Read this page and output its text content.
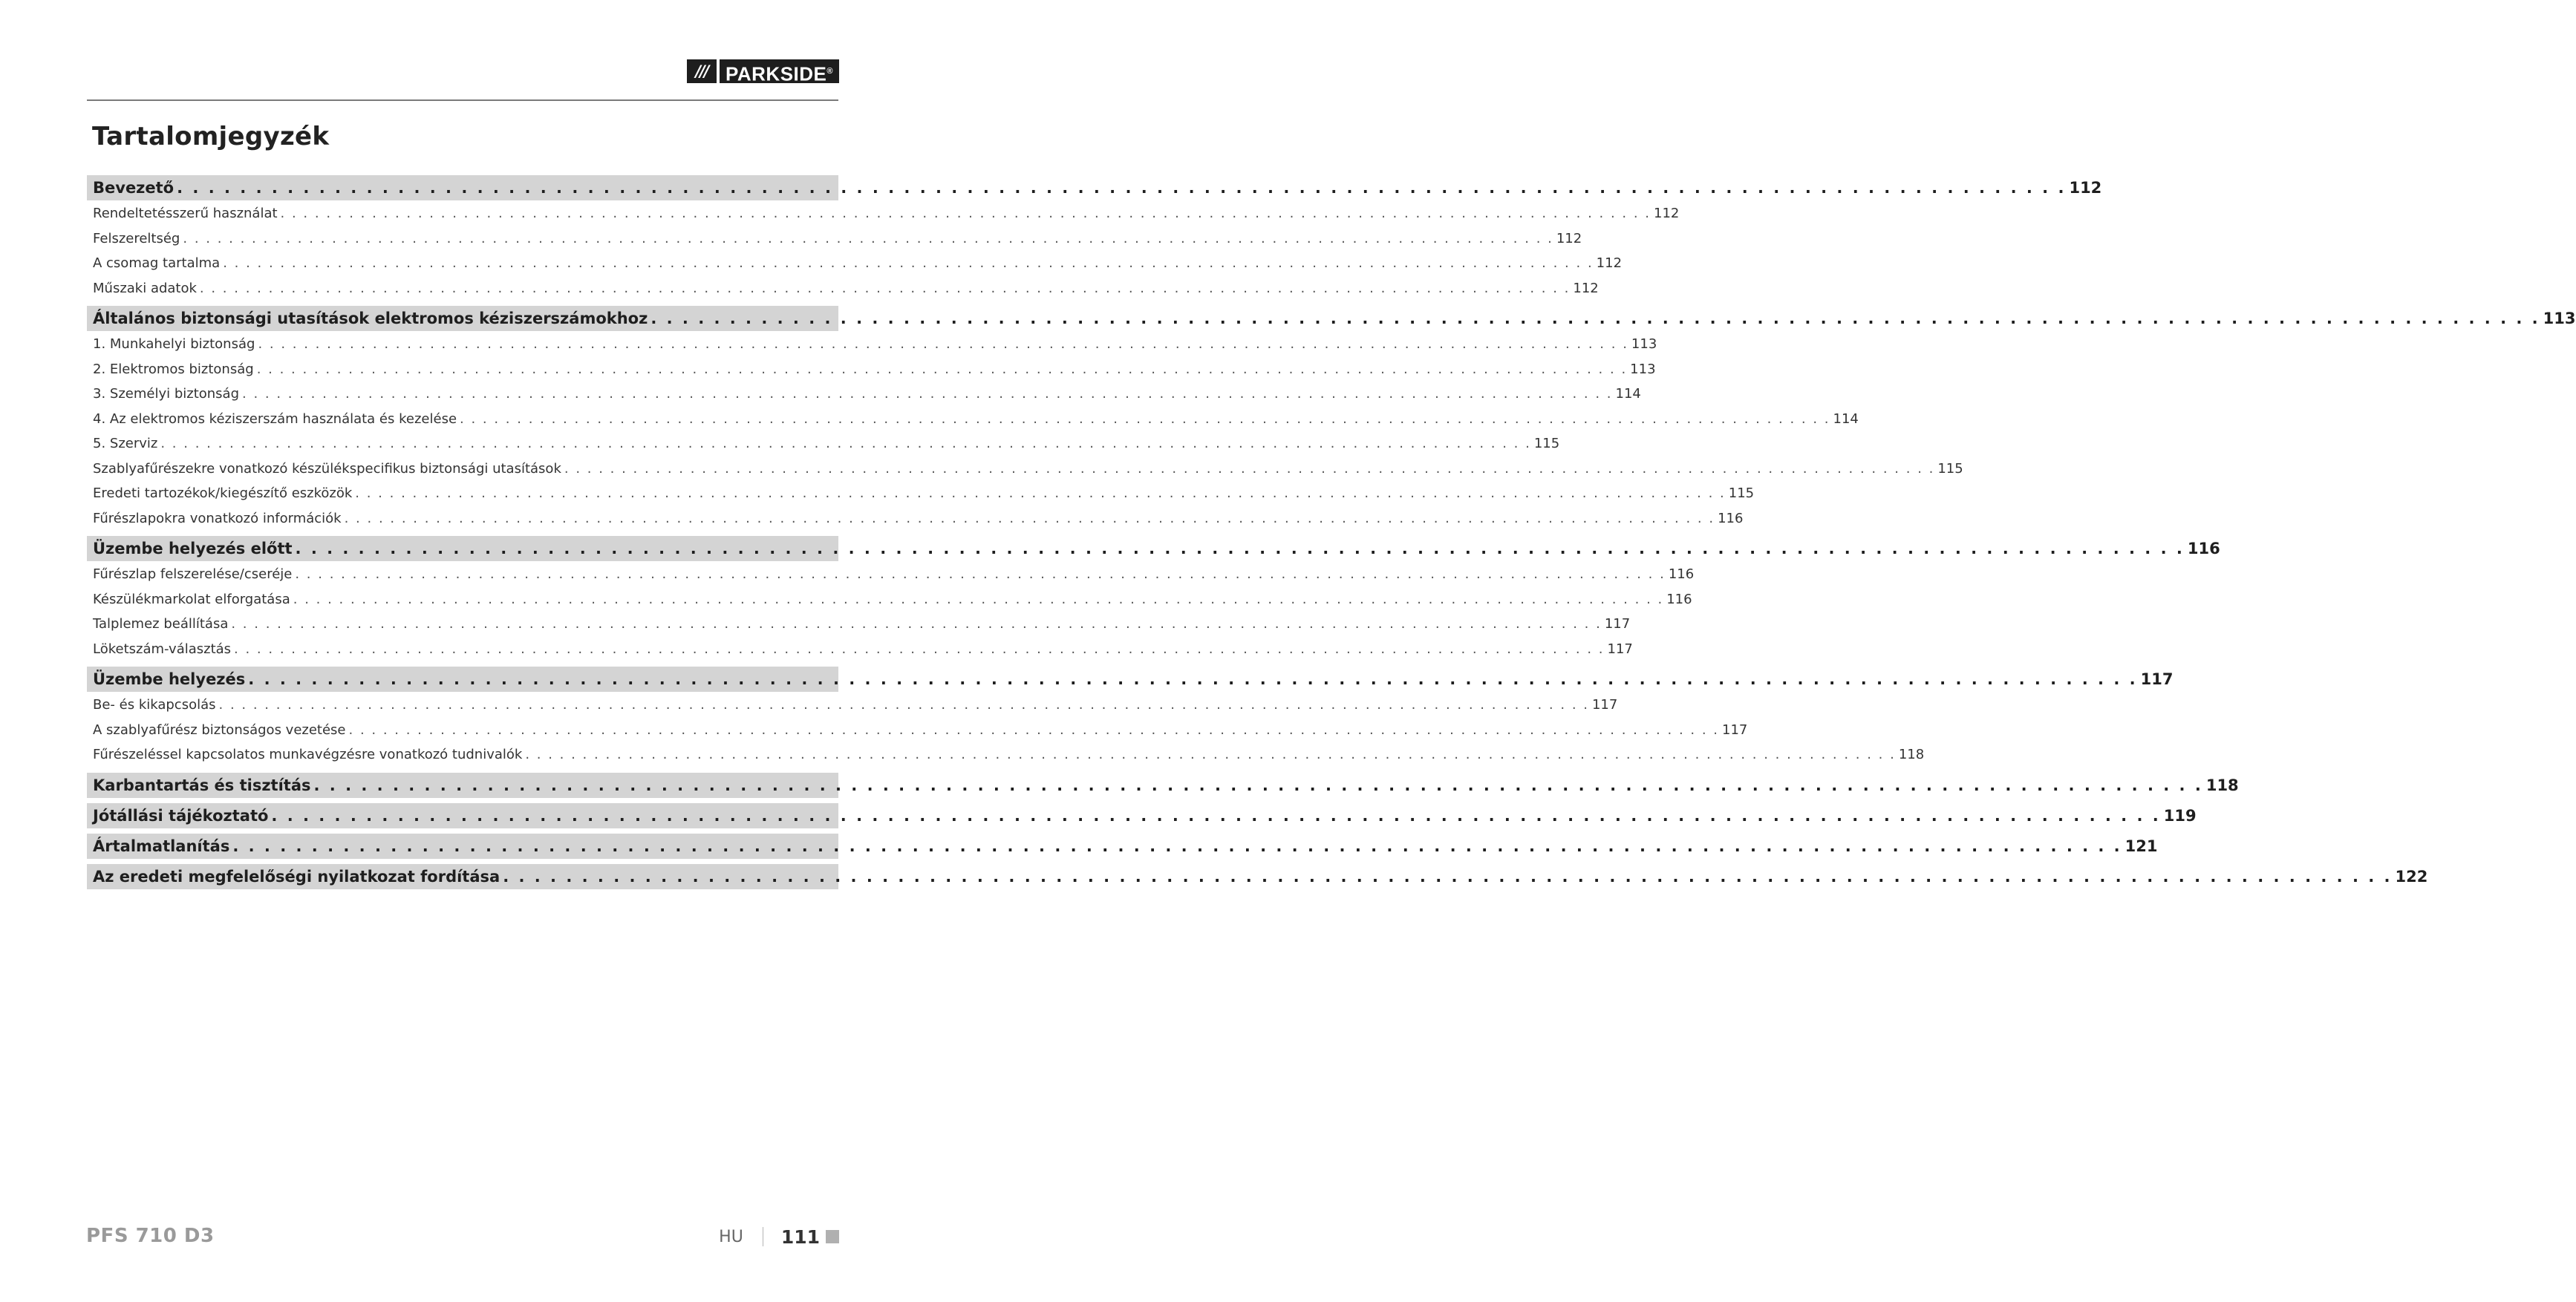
/// PARKSIDE®
Tartalomjegyzék
Bevezető . . . . . . . . . . . . . . . . . . . . . . . . . . . . . . . . . . . . . . . . . . . . . . . . . . . . . . . . . . . . . . . . . . . . . . . . . . . . . . . . . . . . . . . . . . . . . . . . . . . . . . . . . . . . . . . . . . . . . . . . 112
Rendeltetésszerű használat . . . . . . . . . . . . . . . . . . . . . . . . . . . . . . . . . . . . . . . . . . . . . . . . . . . . . . . . . . . . . . . . . . . . . . . . . . . . . . . . . . . . . . . . . . . . . . . . . . . . . . . . . . . . . . . . . . . . . . . . 112
Felszereltség . . . . . . . . . . . . . . . . . . . . . . . . . . . . . . . . . . . . . . . . . . . . . . . . . . . . . . . . . . . . . . . . . . . . . . . . . . . . . . . . . . . . . . . . . . . . . . . . . . . . . . . . . . . . . . . . . . . . . . . . 112
A csomag tartalma . . . . . . . . . . . . . . . . . . . . . . . . . . . . . . . . . . . . . . . . . . . . . . . . . . . . . . . . . . . . . . . . . . . . . . . . . . . . . . . . . . . . . . . . . . . . . . . . . . . . . . . . . . . . . . . . . . . . . . . . 112
Műszaki adatok . . . . . . . . . . . . . . . . . . . . . . . . . . . . . . . . . . . . . . . . . . . . . . . . . . . . . . . . . . . . . . . . . . . . . . . . . . . . . . . . . . . . . . . . . . . . . . . . . . . . . . . . . . . . . . . . . . . . . . . . 112
Általános biztonsági utasítások elektromos kéziszerszámokhoz . . . . . . . . . . . . . . . . . . . . . . . . . . . . . . . . . . . . . . . . . . . . . . . . . . . . . . . . . . . . . . . . . . . . . . . . . . . . . . . . . . . . . . . . . . . . . . . . . . . . . . . . . . . . . . . . . . . . . . . . 113
1. Munkahelyi biztonság . . . . . . . . . . . . . . . . . . . . . . . . . . . . . . . . . . . . . . . . . . . . . . . . . . . . . . . . . . . . . . . . . . . . . . . . . . . . . . . . . . . . . . . . . . . . . . . . . . . . . . . . . . . . . . . . . . . . . . . . 113
2. Elektromos biztonság . . . . . . . . . . . . . . . . . . . . . . . . . . . . . . . . . . . . . . . . . . . . . . . . . . . . . . . . . . . . . . . . . . . . . . . . . . . . . . . . . . . . . . . . . . . . . . . . . . . . . . . . . . . . . . . . . . . . . . . . 113
3. Személyi biztonság . . . . . . . . . . . . . . . . . . . . . . . . . . . . . . . . . . . . . . . . . . . . . . . . . . . . . . . . . . . . . . . . . . . . . . . . . . . . . . . . . . . . . . . . . . . . . . . . . . . . . . . . . . . . . . . . . . . . . . . . 114
4. Az elektromos kéziszerszám használata és kezelése . . . . . . . . . . . . . . . . . . . . . . . . . . . . . . . . . . . . . . . . . . . . . . . . . . . . . . . . . . . . . . . . . . . . . . . . . . . . . . . . . . . . . . . . . . . . . . . . . . . . . . . . . . . . . . . . . . . . . . . . 114
5. Szerviz . . . . . . . . . . . . . . . . . . . . . . . . . . . . . . . . . . . . . . . . . . . . . . . . . . . . . . . . . . . . . . . . . . . . . . . . . . . . . . . . . . . . . . . . . . . . . . . . . . . . . . . . . . . . . . . . . . . . . . . . 115
Szablyafűrészekre vonatkozó készülékspecifikus biztonsági utasítások . . . . . . . . . . . . . . . . . . . . . . . . . . . . . . . . . . . . . . . . . . . . . . . . . . . . . . . . . . . . . . . . . . . . . . . . . . . . . . . . . . . . . . . . . . . . . . . . . . . . . . . . . . . . . . . . . . . . . . . . 115
Eredeti tartozékok/kiegészítő eszközök . . . . . . . . . . . . . . . . . . . . . . . . . . . . . . . . . . . . . . . . . . . . . . . . . . . . . . . . . . . . . . . . . . . . . . . . . . . . . . . . . . . . . . . . . . . . . . . . . . . . . . . . . . . . . . . . . . . . . . . . 115
Fűrészlapokra vonatkozó információk . . . . . . . . . . . . . . . . . . . . . . . . . . . . . . . . . . . . . . . . . . . . . . . . . . . . . . . . . . . . . . . . . . . . . . . . . . . . . . . . . . . . . . . . . . . . . . . . . . . . . . . . . . . . . . . . . . . . . . . . 116
Üzembe helyezés előtt . . . . . . . . . . . . . . . . . . . . . . . . . . . . . . . . . . . . . . . . . . . . . . . . . . . . . . . . . . . . . . . . . . . . . . . . . . . . . . . . . . . . . . . . . . . . . . . . . . . . . . . . . . . . . . . . . . . . . . . . 116
Fűrészlap felszerelése/cseréje . . . . . . . . . . . . . . . . . . . . . . . . . . . . . . . . . . . . . . . . . . . . . . . . . . . . . . . . . . . . . . . . . . . . . . . . . . . . . . . . . . . . . . . . . . . . . . . . . . . . . . . . . . . . . . . . . . . . . . . . 116
Készülékmarkolat elforgatása . . . . . . . . . . . . . . . . . . . . . . . . . . . . . . . . . . . . . . . . . . . . . . . . . . . . . . . . . . . . . . . . . . . . . . . . . . . . . . . . . . . . . . . . . . . . . . . . . . . . . . . . . . . . . . . . . . . . . . . . 116
Talplemez beállítása . . . . . . . . . . . . . . . . . . . . . . . . . . . . . . . . . . . . . . . . . . . . . . . . . . . . . . . . . . . . . . . . . . . . . . . . . . . . . . . . . . . . . . . . . . . . . . . . . . . . . . . . . . . . . . . . . . . . . . . . 117
Löketszám-választás . . . . . . . . . . . . . . . . . . . . . . . . . . . . . . . . . . . . . . . . . . . . . . . . . . . . . . . . . . . . . . . . . . . . . . . . . . . . . . . . . . . . . . . . . . . . . . . . . . . . . . . . . . . . . . . . . . . . . . . . 117
Üzembe helyezés . . . . . . . . . . . . . . . . . . . . . . . . . . . . . . . . . . . . . . . . . . . . . . . . . . . . . . . . . . . . . . . . . . . . . . . . . . . . . . . . . . . . . . . . . . . . . . . . . . . . . . . . . . . . . . . . . . . . . . . . 117
Be- és kikapcsolás . . . . . . . . . . . . . . . . . . . . . . . . . . . . . . . . . . . . . . . . . . . . . . . . . . . . . . . . . . . . . . . . . . . . . . . . . . . . . . . . . . . . . . . . . . . . . . . . . . . . . . . . . . . . . . . . . . . . . . . . 117
A szablyafűrész biztonságos vezetése . . . . . . . . . . . . . . . . . . . . . . . . . . . . . . . . . . . . . . . . . . . . . . . . . . . . . . . . . . . . . . . . . . . . . . . . . . . . . . . . . . . . . . . . . . . . . . . . . . . . . . . . . . . . . . . . . . . . . . . . 117
Fűrészeléssel kapcsolatos munkavégzésre vonatkozó tudnivalók . . . . . . . . . . . . . . . . . . . . . . . . . . . . . . . . . . . . . . . . . . . . . . . . . . . . . . . . . . . . . . . . . . . . . . . . . . . . . . . . . . . . . . . . . . . . . . . . . . . . . . . . . . . . . . . . . . . . . . . . 118
Karbantartás és tisztítás . . . . . . . . . . . . . . . . . . . . . . . . . . . . . . . . . . . . . . . . . . . . . . . . . . . . . . . . . . . . . . . . . . . . . . . . . . . . . . . . . . . . . . . . . . . . . . . . . . . . . . . . . . . . . . . . . . . . . . . . 118
Jótállási tájékoztató . . . . . . . . . . . . . . . . . . . . . . . . . . . . . . . . . . . . . . . . . . . . . . . . . . . . . . . . . . . . . . . . . . . . . . . . . . . . . . . . . . . . . . . . . . . . . . . . . . . . . . . . . . . . . . . . . . . . . . . . 119
Ártalmatlanítás . . . . . . . . . . . . . . . . . . . . . . . . . . . . . . . . . . . . . . . . . . . . . . . . . . . . . . . . . . . . . . . . . . . . . . . . . . . . . . . . . . . . . . . . . . . . . . . . . . . . . . . . . . . . . . . . . . . . . . . . 121
Az eredeti megfelelőségi nyilatkozat fordítása . . . . . . . . . . . . . . . . . . . . . . . . . . . . . . . . . . . . . . . . . . . . . . . . . . . . . . . . . . . . . . . . . . . . . . . . . . . . . . . . . . . . . . . . . . . . . . . . . . . . . . . . . . . . . . . . . . . . . . . . 122
PFS 710 D3	HU 111
